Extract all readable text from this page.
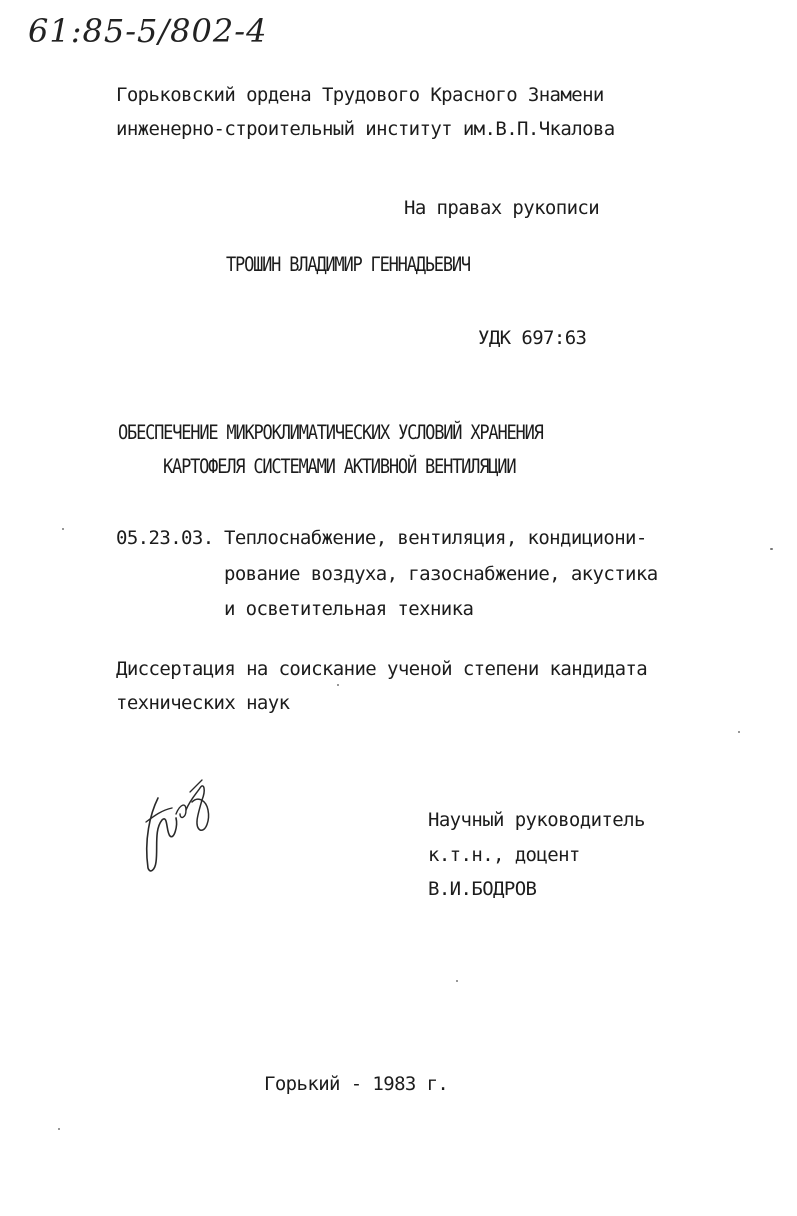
61:85-5/802-4
Горьковский ордена Трудового Красного Знамени
инженерно-строительный институт им.В.П.Чкалова
На правах рукописи
ТРОШИН ВЛАДИМИР ГЕННАДЬЕВИЧ
УДК 697:63
ОБЕСПЕЧЕНИЕ МИКРОКЛИМАТИЧЕСКИХ УСЛОВИЙ ХРАНЕНИЯ
КАРТОФЕЛЯ СИСТЕМАМИ АКТИВНОЙ ВЕНТИЛЯЦИИ
05.23.03. Теплоснабжение, вентиляция, кондициони-
рование воздуха, газоснабжение, акустика
и осветительная техника
Диссертация на соискание ученой степени кандидата
технических наук
Научный руководитель
к.т.н., доцент
В.И.БОДРОВ
Горький - 1983 г.
